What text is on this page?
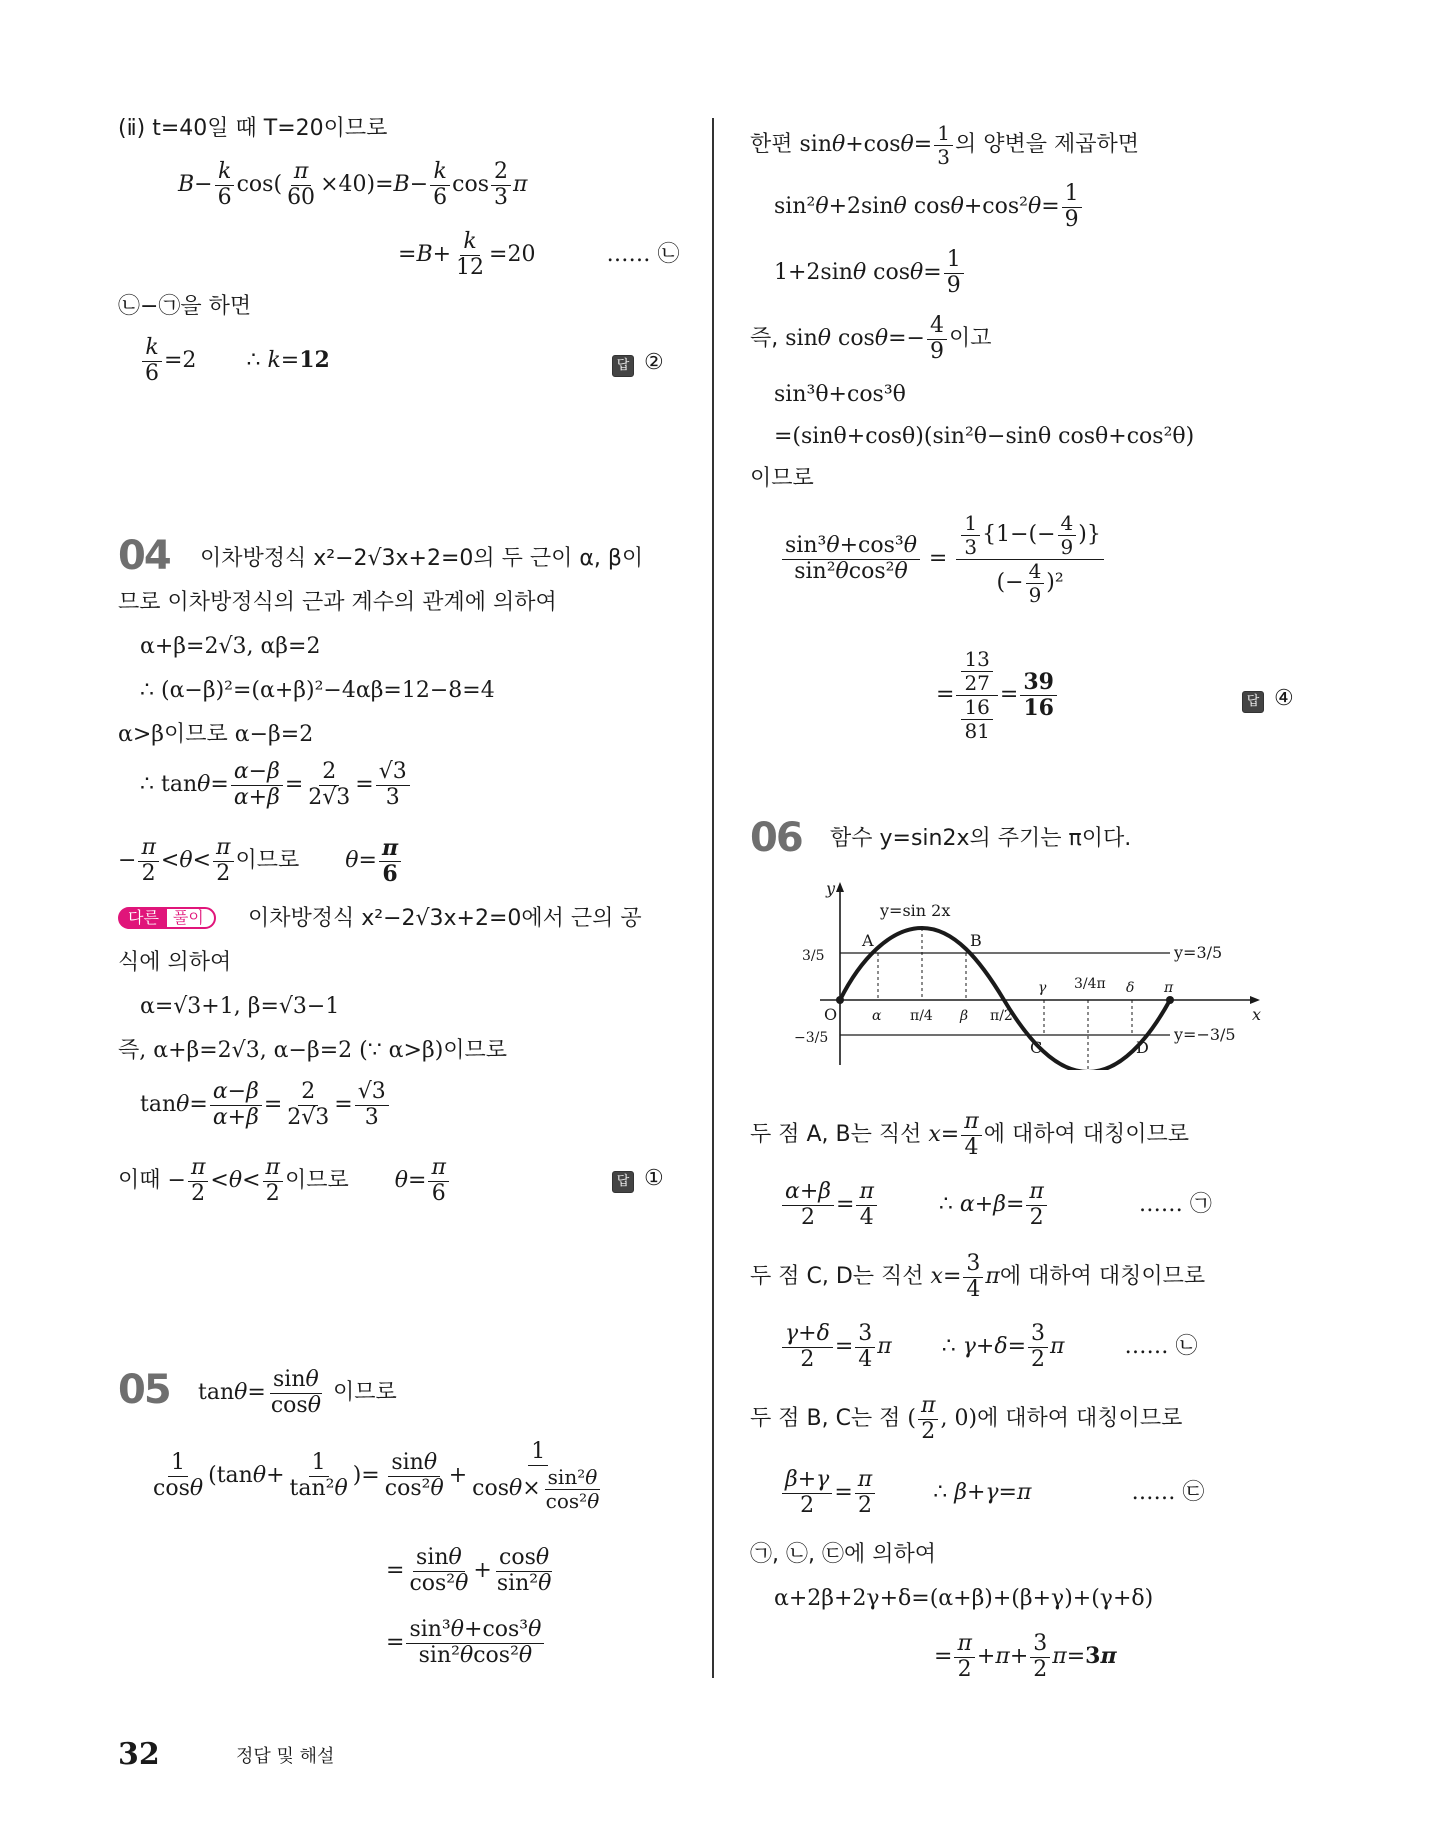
(ⅱ) t=40일 때 T=20이므로
$B- \frac{k}{6} \cos( \frac{\pi}{60} \times 40)=B- \frac{k}{6}$ $\cos \frac{2}{3}$ π
$=B+ \frac{k}{12} =20$	…… ㉡
㉡−㉠을 하면
$\frac{k}{6} =2$ ∴ k=12	답 ②
04 이차방정식 x²−2√3x+2=0의 두 근이 α, β이
므로 이차방정식의 근과 계수의 관계에 의하여
α+β=2√3, αβ=2
∴ (α−β)²=(α+β)²−4αβ=12−8=4
α>β이므로 α−β=2
∴ $\tan\theta= \frac{\alpha-\beta}{\alpha+\beta} = \frac{2}{2√3} = \frac{√3}{3}$
− $\frac{\pi}{2} <\theta< \frac{\pi}{2}$ 이므로 $\theta= \frac{\pi}{6}$
다른 풀이	이차방정식 x²−2√3x+2=0에서 근의 공
식에 의하여
α=√3+1, β=√3−1
즉, α+β=2√3, α−β=2 (∵ α>β)이므로
$\tan\theta= \frac{\alpha-\beta}{\alpha+\beta} = \frac{2}{2√3} = \frac{√3}{3}$
이때 − $\frac{\pi}{2} <\theta< \frac{\pi}{2}$ 이므로 $\theta= \frac{\pi}{6}$	답 ①
05 $\tan\theta= \frac{\sin\theta}{\cos\theta}$ 이므로
$\frac{1}{\cos\theta} (\tan\theta+ \frac{1}{\text{tan²θ}}$ )= $\frac{\sin\theta}{\text{cos²θ}} + \frac{1}{\cos\theta\times \frac{\text{sin²θ}}{\text{cos²θ}}}$
= $\frac{\sin\theta}{\text{cos²θ}} + \frac{\cos\theta}{\text{sin²θ}}$
= $\frac{\text{sin³θ+cos³θ}}{\text{sin²θcos²θ}}$
한편 $\sin\theta+\cos\theta= \frac{1}{3}$ 의 양변을 제곱하면
sin²θ+2sinθ $\cos\theta+\cos^2\theta= \frac{1}{9}$
1+2sinθ $\cos\theta= \frac{1}{9}$
즉, sinθ $\cos\theta=- \frac{4}{9}$ 이고
sin³θ+cos³θ
=(sinθ+cosθ)(sin²θ−sinθ cosθ+cos²θ)
이므로
$\frac{\text{sin³θ+cos³θ}}{\text{sin²θcos²θ}} = \frac{\frac{1}{3} \{1-(- \frac{4}{9} )\}}{(- \frac{4}{9} )^2}$
= $\frac{\frac{13}{27}}{\frac{16}{81}} = \frac{39}{16}$	답 ④
06 함수 y=sin2x의 주기는 π이다.
y
x
y=sin 2x
O
A	B
C	D
y=3/5
y=−3/5
3/5
−3/5
α π/4 β π/2
γ 3/4π δ π
두 점 A, B는 직선 $x= \frac{\pi}{4}$ 에 대하여 대칭이므로
$\frac{\alpha+\beta}{2} = \frac{\pi}{4}$	∴ $\alpha+\beta= \frac{\pi}{2}$	…… ㉠
두 점 C, D는 직선 $x= \frac{3}{4}$ π에 대하여 대칭이므로
$\frac{\gamma+\delta}{2} = \frac{3}{4}$ π ∴ $\gamma+\delta= \frac{3}{2}$ π	…… ㉡
두 점 B, C는 점 ( $\frac{\pi}{2}$ , 0)에 대하여 대칭이므로
$\frac{\beta+\gamma}{2} = \frac{\pi}{2}$	∴ β+γ=π	…… ㉢
㉠, ㉡, ㉢에 의하여
α+2β+2γ+δ=(α+β)+(β+γ)+(γ+δ)
= $\frac{\pi}{2} +\pi+ \frac{3}{2} \pi=3\pi$
32	정답 및 해설
